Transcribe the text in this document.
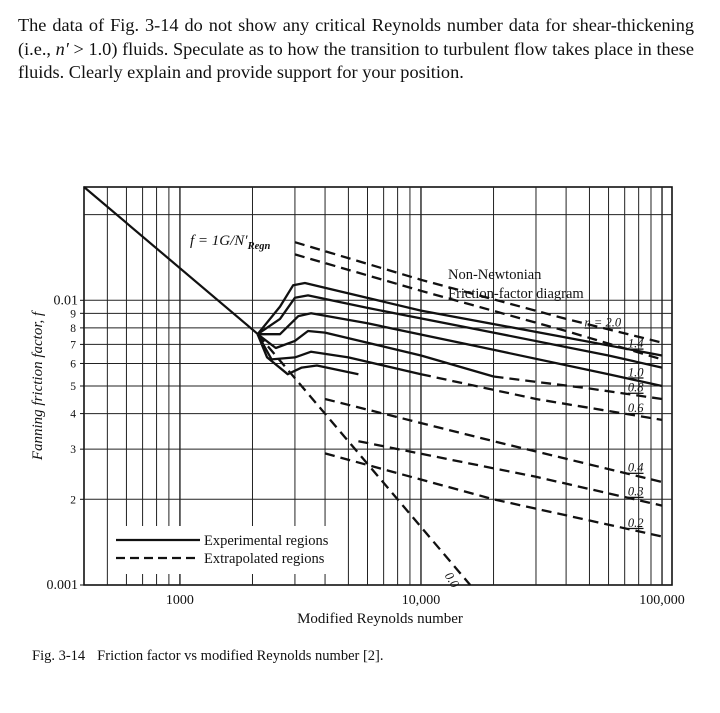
The data of Fig. 3-14 do not show any critical Reynolds number data for shear-thickening (i.e., n′ > 1.0) fluids. Speculate as to how the transition to turbulent flow takes place in these fluids. Clearly explain and provide support for your position.

0.01
9
8
7
6
5
4
3
2
0.001
1000	10,000	100,000
n = 2.0
1.4
1.0
0.8
0.6
0.4
0.3
0.2
0.0
Non-Newtonian
Friction-factor diagram
$f = 1G/N'_{Regn}$
Modified Reynolds number
Fanning friction factor, f
Experimental regions
Extrapolated regions

Fig. 3-14 Friction factor vs modified Reynolds number [2].
